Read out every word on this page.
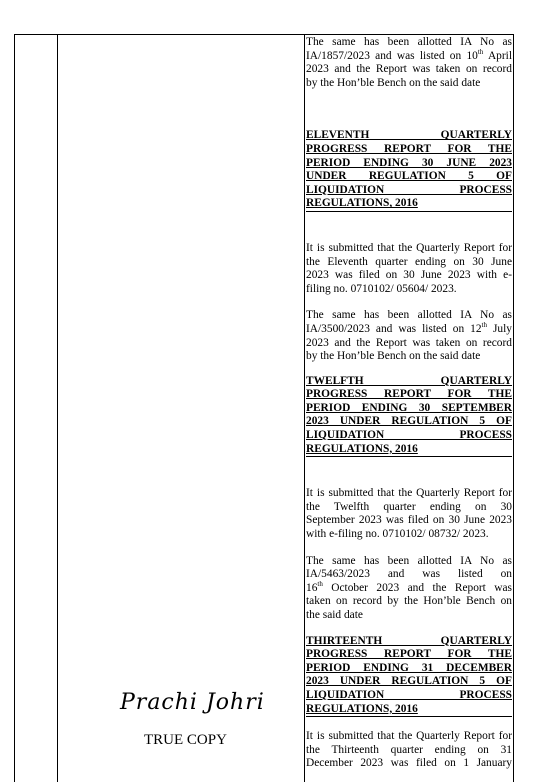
The same has been allotted IA No as
IA/1857/2023 and was listed on 10th April
2023 and the Report was taken on record
by the Hon’ble Bench on the said date

ELEVENTH QUARTERLY
PROGRESS REPORT FOR THE
PERIOD ENDING 30 JUNE 2023
UNDER REGULATION 5 OF
LIQUIDATION PROCESS
REGULATIONS, 2016

It is submitted that the Quarterly Report for
the Eleventh quarter ending on 30 June
2023 was filed on 30 June 2023 with e-
filing no. 0710102/ 05604/ 2023.

The same has been allotted IA No as
IA/3500/2023 and was listed on 12th July
2023 and the Report was taken on record
by the Hon’ble Bench on the said date

TWELFTH QUARTERLY
PROGRESS REPORT FOR THE
PERIOD ENDING 30 SEPTEMBER
2023 UNDER REGULATION 5 OF
LIQUIDATION PROCESS
REGULATIONS, 2016

It is submitted that the Quarterly Report for
the Twelfth quarter ending on 30
September 2023 was filed on 30 June 2023
with e-filing no. 0710102/ 08732/ 2023.

The same has been allotted IA No as
IA/5463/2023 and was listed on
16th October 2023 and the Report was
taken on record by the Hon’ble Bench on
the said date

THIRTEENTH QUARTERLY
PROGRESS REPORT FOR THE
PERIOD ENDING 31 DECEMBER
2023 UNDER REGULATION 5 OF
LIQUIDATION PROCESS
REGULATIONS, 2016

It is submitted that the Quarterly Report for
the Thirteenth quarter ending on 31
December 2023 was filed on 1 January

Prachi Johri
TRUE COPY
